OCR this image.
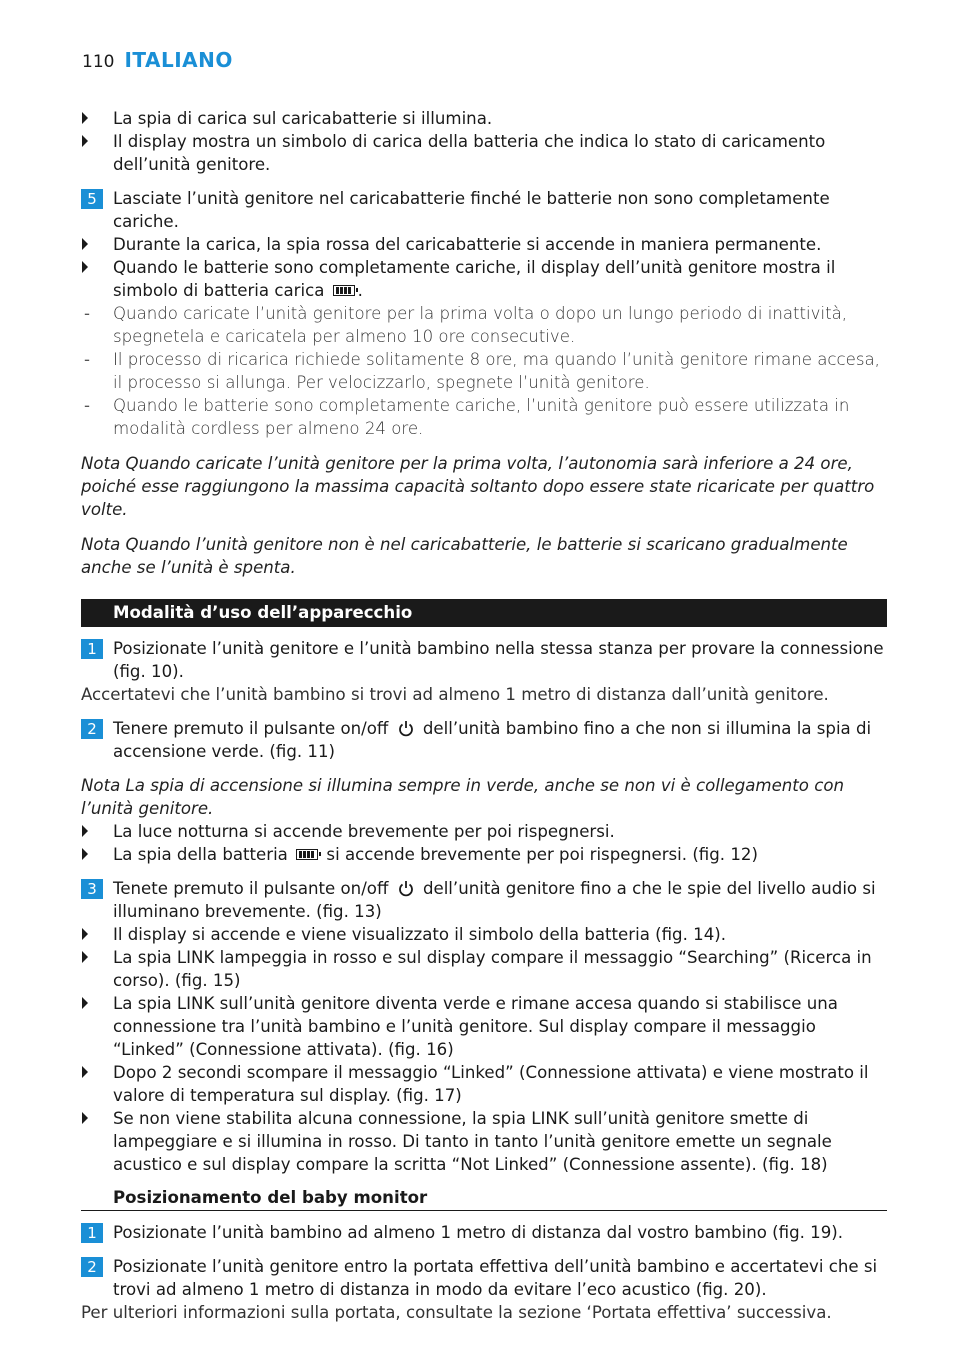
110 ITALIANO
La spia di carica sul caricabatterie si illumina.
Il display mostra un simbolo di carica della batteria che indica lo stato di caricamento dell’unità genitore.
5 Lasciate l’unità genitore nel caricabatterie finché le batterie non sono completamente cariche.
Durante la carica, la spia rossa del caricabatterie si accende in maniera permanente.
Quando le batterie sono completamente cariche, il display dell’unità genitore mostra il simbolo di batteria carica .
-	Quando caricate l’unità genitore per la prima volta o dopo un lungo periodo di inattività, spegnetela e caricatela per almeno 10 ore consecutive.
-	Il processo di ricarica richiede solitamente 8 ore, ma quando l’unità genitore rimane accesa, il processo si allunga. Per velocizzarlo, spegnete l’unità genitore.
-	Quando le batterie sono completamente cariche, l’unità genitore può essere utilizzata in modalità cordless per almeno 24 ore.
Nota Quando caricate l’unità genitore per la prima volta, l’autonomia sarà inferiore a 24 ore, poiché esse raggiungono la massima capacità soltanto dopo essere state ricaricate per quattro volte.
Nota Quando l’unità genitore non è nel caricabatterie, le batterie si scaricano gradualmente anche se l’unità è spenta.
Modalità d’uso dell’apparecchio
1 Posizionate l’unità genitore e l’unità bambino nella stessa stanza per provare la connessione (fig. 10).
Accertatevi che l’unità bambino si trovi ad almeno 1 metro di distanza dall’unità genitore.
2 Tenere premuto il pulsante on/off dell’unità bambino fino a che non si illumina la spia di accensione verde. (fig. 11)
Nota La spia di accensione si illumina sempre in verde, anche se non vi è collegamento con l’unità genitore.
La luce notturna si accende brevemente per poi rispegnersi.
La spia della batteria si accende brevemente per poi rispegnersi. (fig. 12)
3 Tenete premuto il pulsante on/off dell’unità genitore fino a che le spie del livello audio si illuminano brevemente. (fig. 13)
Il display si accende e viene visualizzato il simbolo della batteria (fig. 14).
La spia LINK lampeggia in rosso e sul display compare il messaggio “Searching” (Ricerca in corso). (fig. 15)
La spia LINK sull’unità genitore diventa verde e rimane accesa quando si stabilisce una connessione tra l’unità bambino e l’unità genitore. Sul display compare il messaggio “Linked” (Connessione attivata). (fig. 16)
Dopo 2 secondi scompare il messaggio “Linked” (Connessione attivata) e viene mostrato il valore di temperatura sul display. (fig. 17)
Se non viene stabilita alcuna connessione, la spia LINK sull’unità genitore smette di lampeggiare e si illumina in rosso. Di tanto in tanto l’unità genitore emette un segnale acustico e sul display compare la scritta “Not Linked” (Connessione assente). (fig. 18)
Posizionamento del baby monitor
1 Posizionate l’unità bambino ad almeno 1 metro di distanza dal vostro bambino (fig. 19).
2 Posizionate l’unità genitore entro la portata effettiva dell’unità bambino e accertatevi che si trovi ad almeno 1 metro di distanza in modo da evitare l’eco acustico (fig. 20).
Per ulteriori informazioni sulla portata, consultate la sezione ‘Portata effettiva’ successiva.
